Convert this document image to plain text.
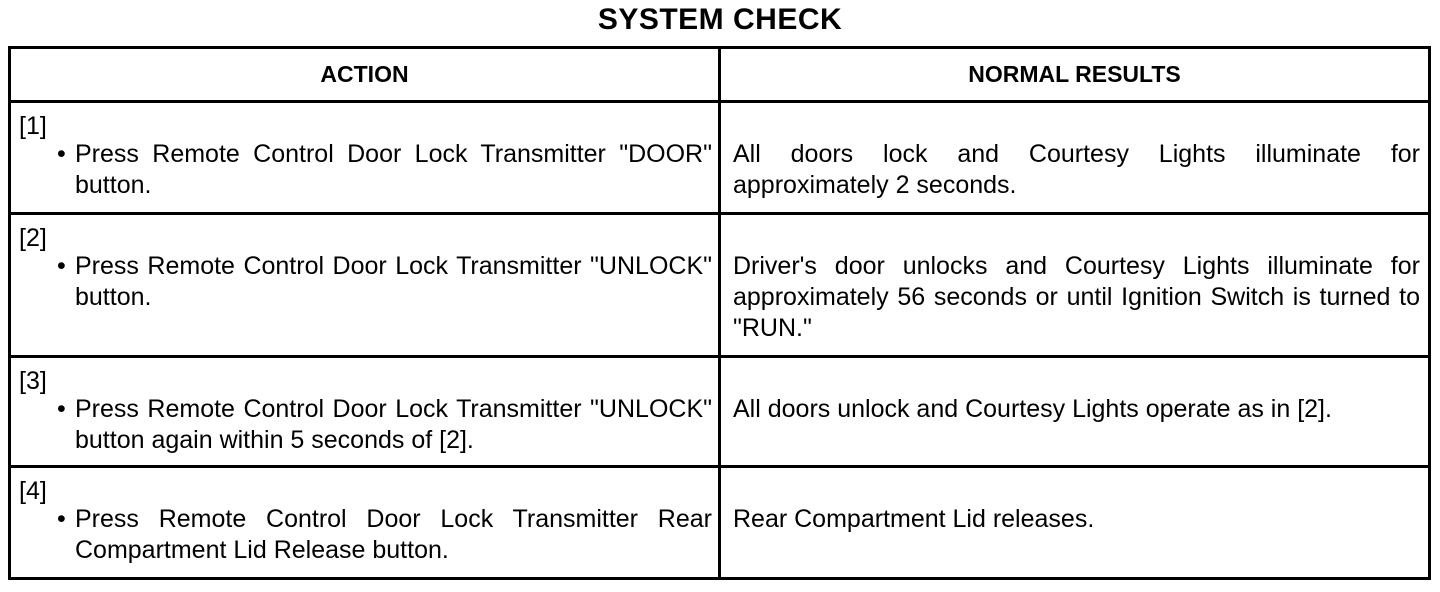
SYSTEM CHECK
ACTION	NORMAL RESULTS

[1]
• Press Remote Control Door Lock Transmitter "DOOR" button.	All doors lock and Courtesy Lights illuminate for approximately 2 seconds.

[2]
• Press Remote Control Door Lock Transmitter "UNLOCK" button.	Driver's door unlocks and Courtesy Lights illuminate for approximately 56 seconds or until Ignition Switch is turned to "RUN."

[3]
• Press Remote Control Door Lock Transmitter "UNLOCK" button again within 5 seconds of [2].	All doors unlock and Courtesy Lights operate as in [2].

[4]
• Press Remote Control Door Lock Transmitter Rear Compartment Lid Release button.	Rear Compartment Lid releases.
